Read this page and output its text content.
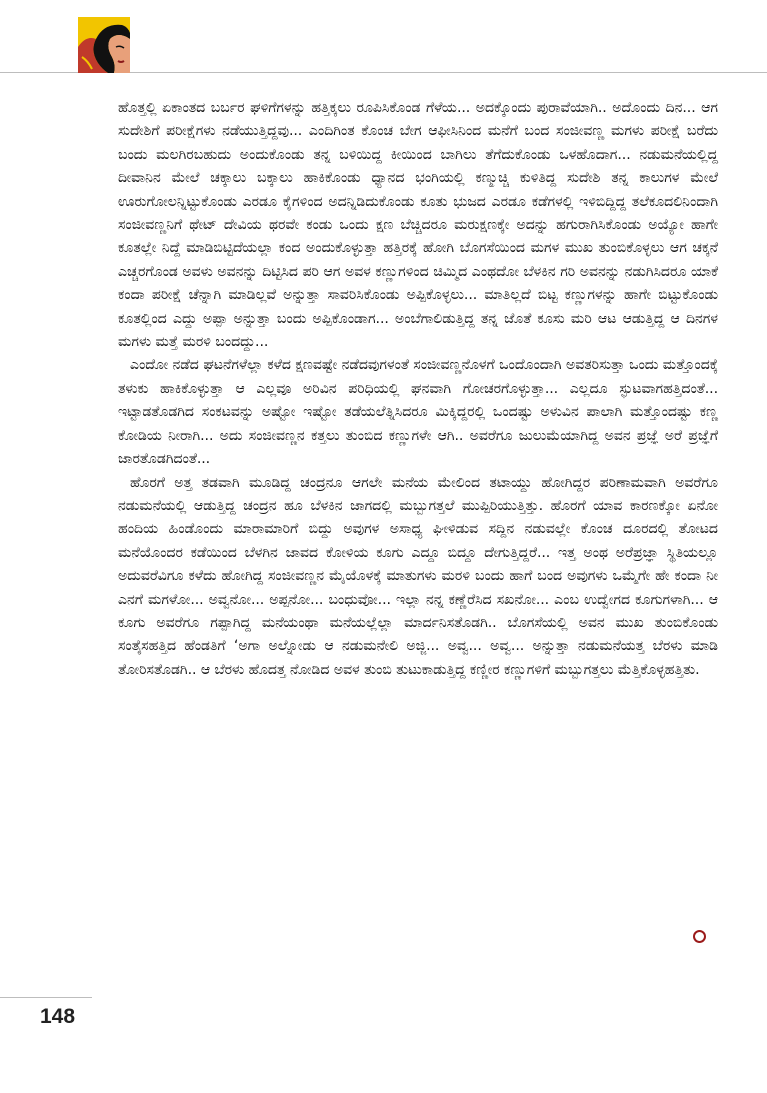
ಹೊತ್ತಲ್ಲಿ ಏಕಾಂತದ ಬರ್ಬರ ಘಳಿಗೆಗಳನ್ನು ಹತ್ತಿಕ್ಕಲು ರೂಪಿಸಿಕೊಂಡ ಗೆಳೆಯ... ಅದಕ್ಕೊಂದು ಪುರಾವೆಯಾಗಿ.. ಅದೊಂದು ದಿನ... ಆಗ ಸುದೇಶಿಗೆ ಪರೀಕ್ಷೆಗಳು ನಡೆಯುತ್ತಿದ್ದವು... ಎಂದಿಗಿಂತ ಕೊಂಚ ಬೇಗ ಆಫೀಸಿನಿಂದ ಮನೆಗೆ ಬಂದ ಸಂಜೀವಣ್ಣ ಮಗಳು ಪರೀಕ್ಷೆ ಬರೆದು ಬಂದು ಮಲಗಿರಬಹುದು ಅಂದುಕೊಂಡು ತನ್ನ ಬಳಿಯಿದ್ದ ಕೀಯಿಂದ ಬಾಗಿಲು ತೆಗೆದುಕೊಂಡು ಒಳಹೊದಾಗ... ನಡುಮನೆಯಲ್ಲಿದ್ದ ದೀವಾನಿನ ಮೇಲೆ ಚಕ್ಕಾಲು ಬಕ್ಕಾಲು ಹಾಕಿಕೊಂಡು ಧ್ಯಾನದ ಭಂಗಿಯಲ್ಲಿ ಕಣ್ಮುಚ್ಚಿ ಕುಳಿತಿದ್ದ ಸುದೇಶಿ ತನ್ನ ಕಾಲುಗಳ ಮೇಲೆ ಊರುಗೋಲನ್ನಿಟ್ಟುಕೊಂಡು ಎರಡೂ ಕೈಗಳಿಂದ ಅದನ್ನಿಡಿದುಕೊಂಡು ಕೂತು ಭುಜದ ಎರಡೂ ಕಡೆಗಳಲ್ಲಿ ಇಳಿಬಿದ್ದಿದ್ದ ತಲೆಕೂದಲಿನಿಂದಾಗಿ ಸಂಜೀವಣ್ಣನಿಗೆ ಥೇಟ್ ದೇವಿಯ ಥರವೇ ಕಂಡು ಒಂದು ಕ್ಷಣ ಬೆಚ್ಚಿದರೂ ಮರುಕ್ಷಣಕ್ಕೇ ಅದನ್ನು ಹಗುರಾಗಿಸಿಕೊಂಡು ಅಯ್ಯೋ ಹಾಗೇ ಕೂತಲ್ಲೇ ನಿದ್ದೆ ಮಾಡಿಬಿಟ್ಟಿದೆಯಲ್ಲಾ ಕಂದ ಅಂದುಕೊಳ್ಳುತ್ತಾ ಹತ್ತಿರಕ್ಕೆ ಹೋಗಿ ಬೊಗಸೆಯಿಂದ ಮಗಳ ಮುಖ ತುಂಬಿಕೊಳ್ಳಲು ಆಗ ಚಕ್ಕನೆ ಎಚ್ಚರಗೊಂಡ ಅವಳು ಅವನನ್ನು ದಿಟ್ಟಿಸಿದ ಪರಿ ಆಗ ಅವಳ ಕಣ್ಣುಗಳಿಂದ ಚಿಮ್ಮಿದ ಎಂಥದೋ ಬೆಳಕಿನ ಗರಿ ಅವನನ್ನು ನಡುಗಿಸಿದರೂ ಯಾಕೆ ಕಂದಾ ಪರೀಕ್ಷೆ ಚೆನ್ನಾಗಿ ಮಾಡಿಲ್ಲವೆ ಅನ್ನುತ್ತಾ ಸಾವರಿಸಿಕೊಂಡು ಅಪ್ಪಿಕೊಳ್ಳಲು... ಮಾತಿಲ್ಲದೆ ಬಿಟ್ಟ ಕಣ್ಣುಗಳನ್ನು ಹಾಗೇ ಬಿಟ್ಟುಕೊಂಡು ಕೂತಲ್ಲಿಂದ ಎದ್ದು ಅಪ್ಪಾ ಅನ್ನುತ್ತಾ ಬಂದು ಅಪ್ಪಿಕೊಂಡಾಗ... ಅಂಬೆಗಾಲಿಡುತ್ತಿದ್ದ ತನ್ನ ಜೊತೆ ಕೂಸು ಮರಿ ಆಟ ಆಡುತ್ತಿದ್ದ ಆ ದಿನಗಳ ಮಗಳು ಮತ್ತೆ ಮರಳಿ ಬಂದದ್ದು...

ಎಂದೋ ನಡೆದ ಘಟನೆಗಳೆಲ್ಲಾ ಕಳೆದ ಕ್ಷಣವಷ್ಟೇ ನಡೆದವುಗಳಂತೆ ಸಂಜೀವಣ್ಣನೊಳಗೆ ಒಂದೊಂದಾಗಿ ಅವತರಿಸುತ್ತಾ ಒಂದು ಮತ್ತೊಂದಕ್ಕೆ ತಳುಕು ಹಾಕಿಕೊಳ್ಳುತ್ತಾ ಆ ಎಲ್ಲವೂ ಅರಿವಿನ ಪರಿಧಿಯಲ್ಲಿ ಘನವಾಗಿ ಗೋಚರಗೊಳ್ಳುತ್ತಾ... ಎಲ್ಲದೂ ಸ್ಫುಟವಾಗಹತ್ತಿದಂತೆ... ಇಟ್ಟಾಡತೊಡಗಿದ ಸಂಕಟವನ್ನು ಅಷ್ಟೋ ಇಷ್ಟೋ ತಡೆಯಲೆತ್ನಿಸಿದರೂ ಮಿಕ್ಕಿದ್ದರಲ್ಲಿ ಒಂದಷ್ಟು ಅಳುವಿನ ಪಾಲಾಗಿ ಮತ್ತೊಂದಷ್ಟು ಕಣ್ಣ ಕೋಡಿಯ ನೀರಾಗಿ... ಅದು ಸಂಜೀವಣ್ಣನ ಕತ್ತಲು ತುಂಬಿದ ಕಣ್ಣುಗಳೇ ಆಗಿ.. ಅವರೆಗೂ ಜುಲುಮೆಯಾಗಿದ್ದ ಅವನ ಪ್ರಜ್ಞೆ ಅರೆ ಪ್ರಜ್ಞೆಗೆ ಜಾರತೊಡಗಿದಂತೆ...

ಹೊರಗೆ ಅತ್ತ ತಡವಾಗಿ ಮೂಡಿದ್ದ ಚಂದ್ರನೂ ಆಗಲೇ ಮನೆಯ ಮೇಲಿಂದ ತಟಾಯ್ದು ಹೋಗಿದ್ದರ ಪರಿಣಾಮವಾಗಿ ಅವರೆಗೂ ನಡುಮನೆಯಲ್ಲಿ ಆಡುತ್ತಿದ್ದ ಚಂದ್ರನ ಹೂ ಬೆಳಕಿನ ಜಾಗದಲ್ಲಿ ಮಬ್ಬುಗತ್ತಲೆ ಮುಪ್ಪಿರಿಯುತ್ತಿತ್ತು. ಹೊರಗೆ ಯಾವ ಕಾರಣಕ್ಕೋ ಏನೋ ಹಂದಿಯ ಹಿಂಡೊಂದು ಮಾರಾಮಾರಿಗೆ ಬಿದ್ದು ಅವುಗಳ ಅಸಾಧ್ಯ ಘೀಳಿಡುವ ಸದ್ದಿನ ನಡುವಲ್ಲೇ ಕೊಂಚ ದೂರದಲ್ಲಿ ತೋಟದ ಮನೆಯೊಂದರ ಕಡೆಯಿಂದ ಬೆಳಗಿನ ಜಾವದ ಕೋಳಿಯ ಕೂಗು ಎದ್ದೂ ಬಿದ್ದೂ ದೇಗುತ್ತಿದ್ದರೆ... ಇತ್ತ ಅಂಥ ಅರೆಪ್ರಜ್ಞಾ ಸ್ಥಿತಿಯಲ್ಲೂ ಅದುವರೆವಿಗೂ ಕಳೆದು ಹೋಗಿದ್ದ ಸಂಜೀವಣ್ಣನ ಮೈಯೊಳಕ್ಕೆ ಮಾತುಗಳು ಮರಳಿ ಬಂದು ಹಾಗೆ ಬಂದ ಅವುಗಳು ಒಮ್ಮೆಗೇ ಹೇ ಕಂದಾ ನೀ ಎನಗೆ ಮಗಳೋ... ಅವ್ವನೋ... ಅಪ್ಪನೋ... ಬಂಧುವೋ... ಇಲ್ಲಾ ನನ್ನ ಕಣ್ಣೆರೆಸಿದ ಸಖನೋ... ಎಂಬ ಉದ್ವೇಗದ ಕೂಗುಗಳಾಗಿ... ಆ ಕೂಗು ಅವರೆಗೂ ಗಪ್ಪಾಗಿದ್ದ ಮನೆಯಂಥಾ ಮನೆಯಲ್ಲೆಲ್ಲಾ ಮಾರ್ದನಿಸತೊಡಗಿ.. ಬೊಗಸೆಯಲ್ಲಿ ಅವನ ಮುಖ ತುಂಬಿಕೊಂಡು ಸಂತೈಸಹತ್ತಿದ ಹೆಂಡತಿಗೆ ‘ಅಗಾ ಅಲ್ನೋಡು ಆ ನಡುಮನೇಲಿ ಅಜ್ಜಿ... ಅವ್ವ... ಅವ್ವ... ಅನ್ನುತ್ತಾ ನಡುಮನೆಯತ್ತ ಬೆರಳು ಮಾಡಿ ತೋರಿಸತೊಡಗಿ.. ಆ ಬೆರಳು ಹೊದತ್ತ ನೋಡಿದ ಅವಳ ತುಂಬಿ ತುಟುಕಾಡುತ್ತಿದ್ದ ಕಣ್ಣೀರ ಕಣ್ಣುಗಳಿಗೆ ಮಬ್ಬುಗತ್ತಲು ಮೆತ್ತಿಕೊಳ್ಳಹತ್ತಿತು.

148
